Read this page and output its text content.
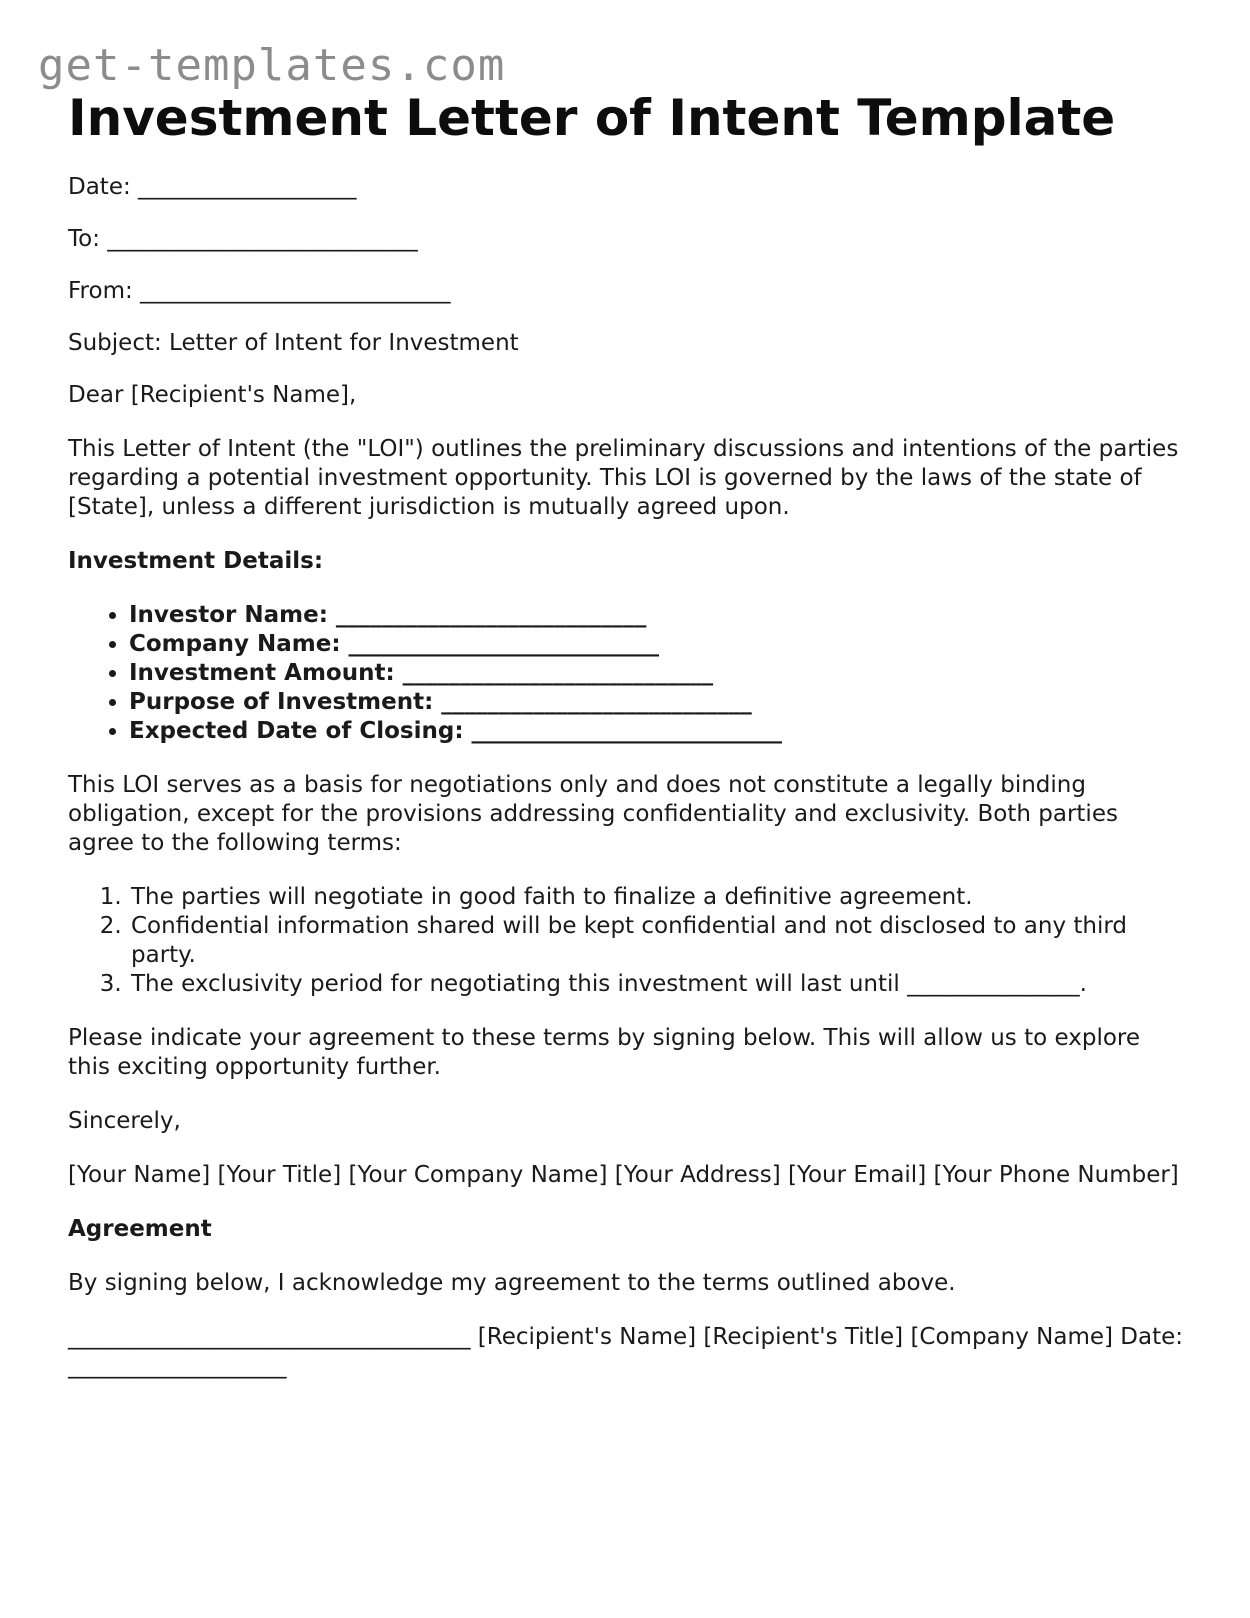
get-templates.com
Investment Letter of Intent Template

Date: ___________________

To: ___________________________

From: ___________________________

Subject: Letter of Intent for Investment

Dear [Recipient's Name],

This Letter of Intent (the "LOI") outlines the preliminary discussions and intentions of the parties regarding a potential investment opportunity. This LOI is governed by the laws of the state of [State], unless a different jurisdiction is mutually agreed upon.

Investment Details:

• Investor Name: ___________________________
• Company Name: ___________________________
• Investment Amount: ___________________________
• Purpose of Investment: ___________________________
• Expected Date of Closing: ___________________________

This LOI serves as a basis for negotiations only and does not constitute a legally binding obligation, except for the provisions addressing confidentiality and exclusivity. Both parties agree to the following terms:

1. The parties will negotiate in good faith to finalize a definitive agreement.
2. Confidential information shared will be kept confidential and not disclosed to any third party.
3. The exclusivity period for negotiating this investment will last until _______________.

Please indicate your agreement to these terms by signing below. This will allow us to explore this exciting opportunity further.

Sincerely,

[Your Name] [Your Title] [Your Company Name] [Your Address] [Your Email] [Your Phone Number]

Agreement

By signing below, I acknowledge my agreement to the terms outlined above.

___________________________________ [Recipient's Name] [Recipient's Title] [Company Name] Date: ___________________
